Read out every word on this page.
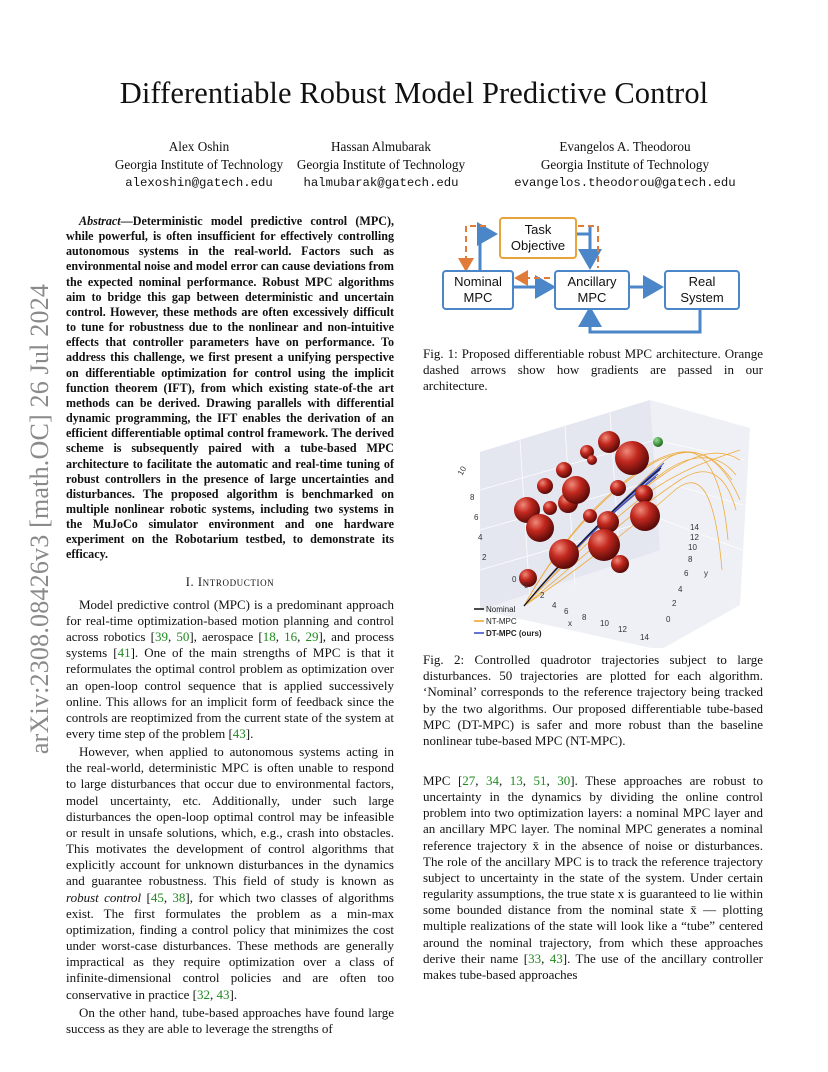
Differentiable Robust Model Predictive Control
arXiv:2308.08426v3 [math.OC] 26 Jul 2024
Alex Oshin
Georgia Institute of Technology
alexoshin@gatech.edu
Hassan Almubarak
Georgia Institute of Technology
halmubarak@gatech.edu
Evangelos A. Theodorou
Georgia Institute of Technology
evangelos.theodorou@gatech.edu

Abstract—Deterministic model predictive control (MPC), while powerful, is often insufficient for effectively controlling autonomous systems in the real-world. Factors such as environmental noise and model error can cause deviations from the expected nominal performance. Robust MPC algorithms aim to bridge this gap between deterministic and uncertain control. However, these methods are often excessively difficult to tune for robustness due to the nonlinear and non-intuitive effects that controller parameters have on performance. To address this challenge, we first present a unifying perspective on differentiable optimization for control using the implicit function theorem (IFT), from which existing state-of-the art methods can be derived. Drawing parallels with differential dynamic programming, the IFT enables the derivation of an efficient differentiable optimal control framework. The derived scheme is subsequently paired with a tube-based MPC architecture to facilitate the automatic and real-time tuning of robust controllers in the presence of large uncertainties and disturbances. The proposed algorithm is benchmarked on multiple nonlinear robotic systems, including two systems in the MuJoCo simulator environment and one hardware experiment on the Robotarium testbed, to demonstrate its efficacy.

I. Introduction

Model predictive control (MPC) is a predominant approach for real-time optimization-based motion planning and control across robotics [39, 50], aerospace [18, 16, 29], and process systems [41]. One of the main strengths of MPC is that it reformulates the optimal control problem as optimization over an open-loop control sequence that is applied successively online. This allows for an implicit form of feedback since the controls are reoptimized from the current state of the system at every time step of the problem [43].

However, when applied to autonomous systems acting in the real-world, deterministic MPC is often unable to respond to large disturbances that occur due to environmental factors, model uncertainty, etc. Additionally, under such large disturbances the open-loop optimal control may be infeasible or result in unsafe solutions, which, e.g., crash into obstacles. This motivates the development of control algorithms that explicitly account for unknown disturbances in the dynamics and guarantee robustness. This field of study is known as robust control [45, 38], for which two classes of algorithms exist. The first formulates the problem as a min-max optimization, finding a control policy that minimizes the cost under worst-case disturbances. These methods are generally impractical as they require optimization over a class of infinite-dimensional control policies and are often too conservative in practice [32, 43].

On the other hand, tube-based approaches have found large success as they are able to leverage the strengths of

Task Objective
Nominal MPC
Ancillary MPC
Real System
Fig. 1: Proposed differentiable robust MPC architecture. Orange dashed arrows show how gradients are passed in our architecture.
10
8
6
4
2
0
0
2
4
6
8
10
12
14
x
14
12
10
8
6
4
2
0
y
Nominal
NT-MPC
DT-MPC (ours)
Fig. 2: Controlled quadrotor trajectories subject to large disturbances. 50 trajectories are plotted for each algorithm. ‘Nominal’ corresponds to the reference trajectory being tracked by the two algorithms. Our proposed differentiable tube-based MPC (DT-MPC) is safer and more robust than the baseline nonlinear tube-based MPC (NT-MPC).

MPC [27, 34, 13, 51, 30]. These approaches are robust to uncertainty in the dynamics by dividing the online control problem into two optimization layers: a nominal MPC layer and an ancillary MPC layer. The nominal MPC generates a nominal reference trajectory x̄ in the absence of noise or disturbances. The role of the ancillary MPC is to track the reference trajectory subject to uncertainty in the state of the system. Under certain regularity assumptions, the true state x is guaranteed to lie within some bounded distance from the nominal state x̄ — plotting multiple realizations of the state will look like a “tube” centered around the nominal trajectory, from which these approaches derive their name [33, 43]. The use of the ancillary controller makes tube-based approaches
